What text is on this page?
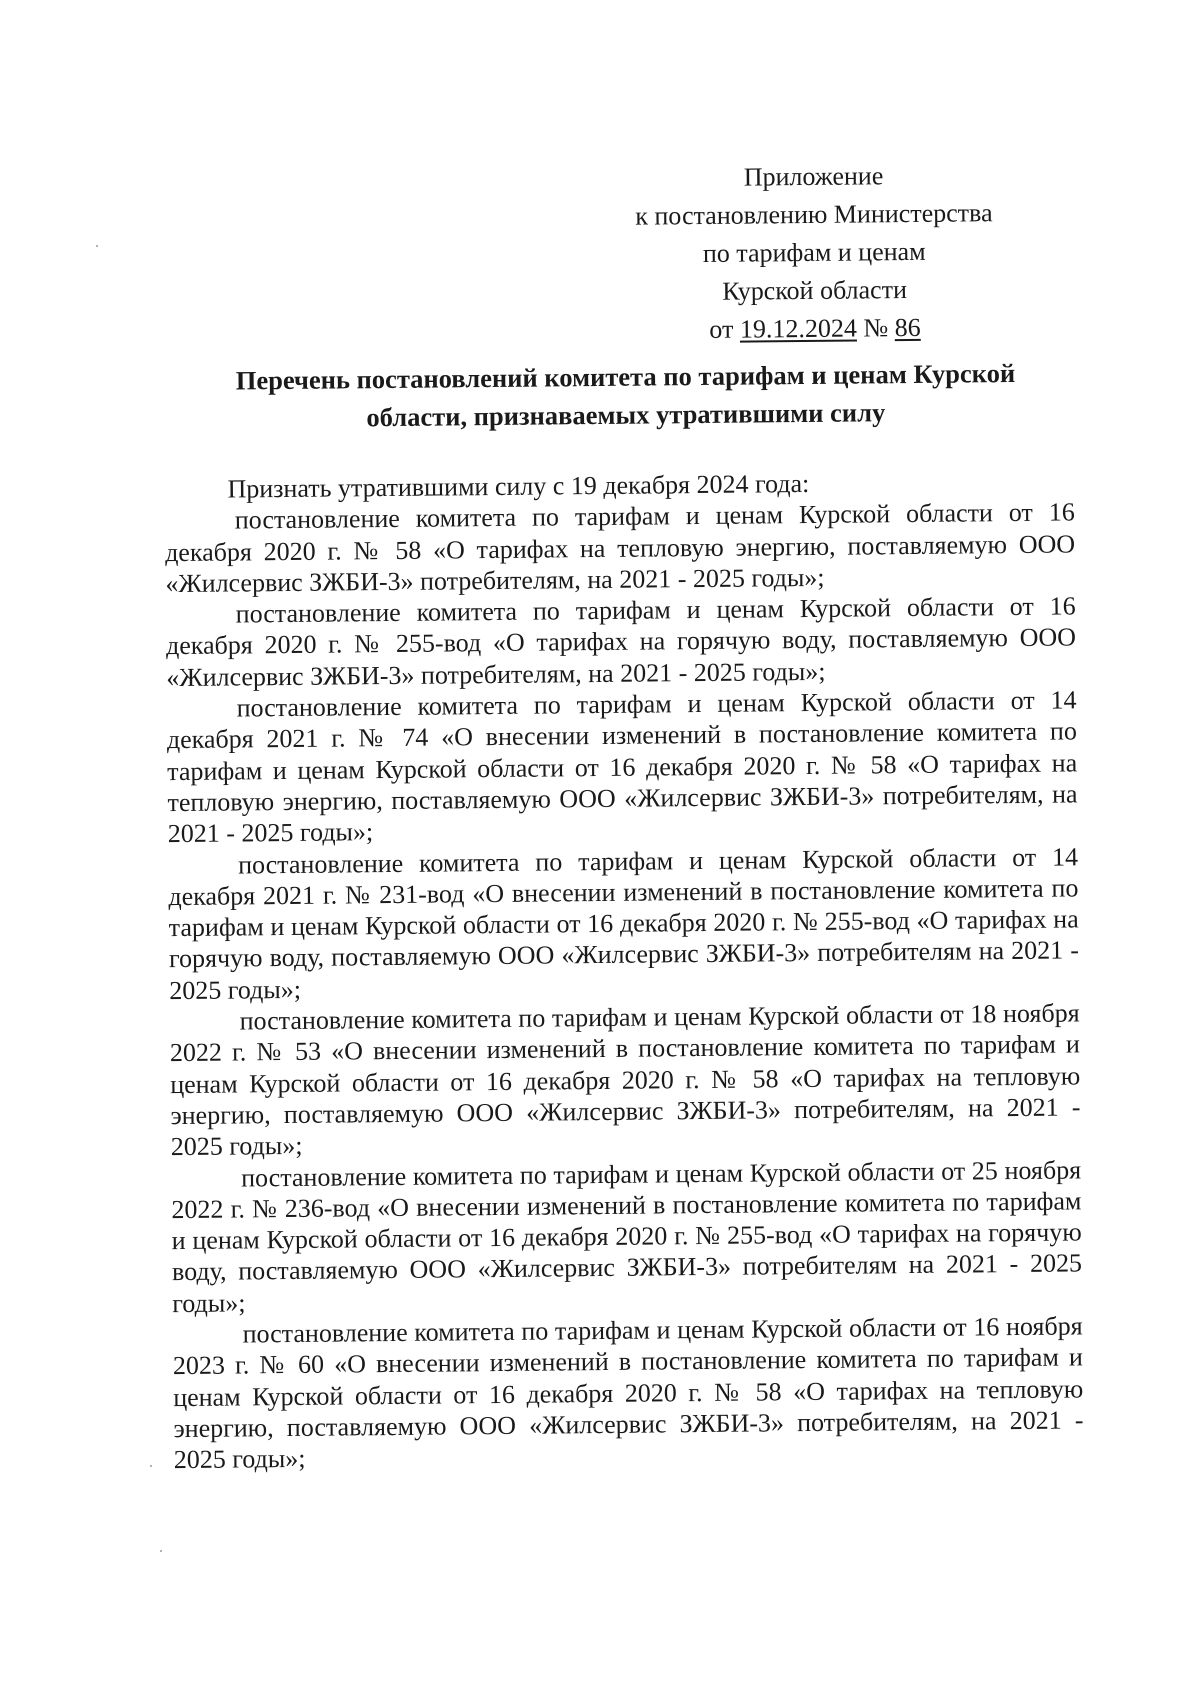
Приложение
к постановлению Министерства
по тарифам и ценам
Курской области
от 19.12.2024 № 86
Перечень постановлений комитета по тарифам и ценам Курской
области, признаваемых утратившими силу

Признать утратившими силу с 19 декабря 2024 года:

постановление комитета по тарифам и ценам Курской области от 16 декабря 2020 г. № 58 «О тарифах на тепловую энергию, поставляемую ООО «Жилсервис ЗЖБИ-3» потребителям, на 2021 - 2025 годы»;

постановление комитета по тарифам и ценам Курской области от 16 декабря 2020 г. № 255-вод «О тарифах на горячую воду, поставляемую ООО «Жилсервис ЗЖБИ-3» потребителям, на 2021 - 2025 годы»;

постановление комитета по тарифам и ценам Курской области от 14 декабря 2021 г. № 74 «О внесении изменений в постановление комитета по тарифам и ценам Курской области от 16 декабря 2020 г. № 58 «О тарифах на тепловую энергию, поставляемую ООО «Жилсервис ЗЖБИ-3» потребителям, на 2021 - 2025 годы»;

постановление комитета по тарифам и ценам Курской области от 14 декабря 2021 г. № 231-вод «О внесении изменений в постановление комитета по тарифам и ценам Курской области от 16 декабря 2020 г. № 255-вод «О тарифах на горячую воду, поставляемую ООО «Жилсервис ЗЖБИ-3» потребителям на 2021 - 2025 годы»;

постановление комитета по тарифам и ценам Курской области от 18 ноября 2022 г. № 53 «О внесении изменений в постановление комитета по тарифам и ценам Курской области от 16 декабря 2020 г. № 58 «О тарифах на тепловую энергию, поставляемую ООО «Жилсервис ЗЖБИ-3» потребителям, на 2021 - 2025 годы»;

постановление комитета по тарифам и ценам Курской области от 25 ноября 2022 г. № 236-вод «О внесении изменений в постановление комитета по тарифам и ценам Курской области от 16 декабря 2020 г. № 255-вод «О тарифах на горячую воду, поставляемую ООО «Жилсервис ЗЖБИ-3» потребителям на 2021 - 2025 годы»;

постановление комитета по тарифам и ценам Курской области от 16 ноября 2023 г. № 60 «О внесении изменений в постановление комитета по тарифам и ценам Курской области от 16 декабря 2020 г. № 58 «О тарифах на тепловую энергию, поставляемую ООО «Жилсервис ЗЖБИ-3» потребителям, на 2021 - 2025 годы»;
